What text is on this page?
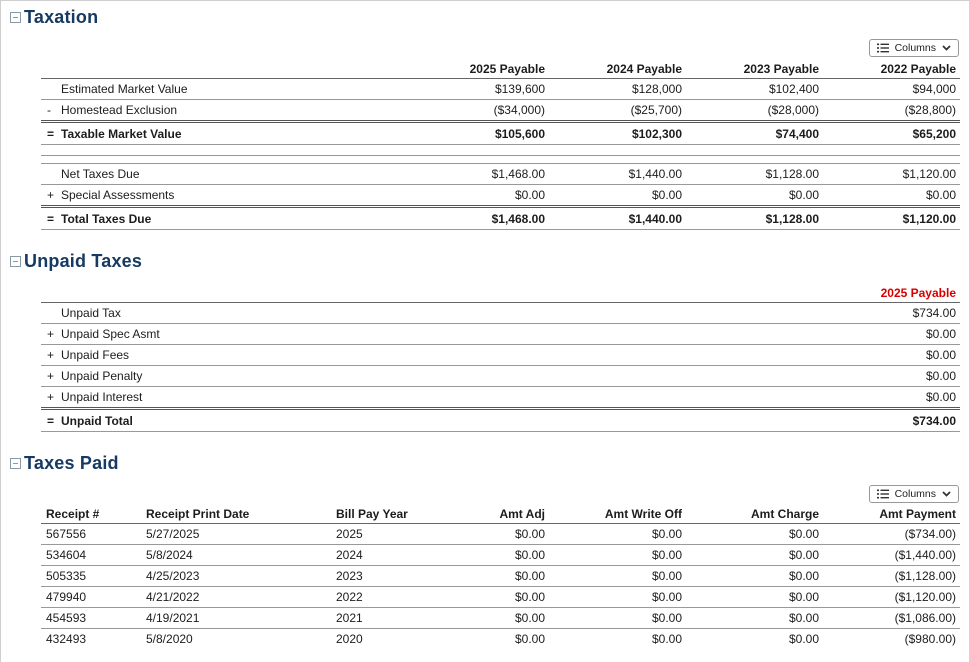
Taxation
Columns
		2025 Payable	2024 Payable	2023 Payable	2022 Payable
	Estimated Market Value	$139,600	$128,000	$102,400	$94,000
-	Homestead Exclusion	($34,000)	($25,700)	($28,000)	($28,800)
=	Taxable Market Value	$105,600	$102,300	$74,400	$65,200

	Net Taxes Due	$1,468.00	$1,440.00	$1,128.00	$1,120.00
+	Special Assessments	$0.00	$0.00	$0.00	$0.00
=	Total Taxes Due	$1,468.00	$1,440.00	$1,128.00	$1,120.00
Unpaid Taxes
		2025 Payable
	Unpaid Tax	$734.00
+	Unpaid Spec Asmt	$0.00
+	Unpaid Fees	$0.00
+	Unpaid Penalty	$0.00
+	Unpaid Interest	$0.00
=	Unpaid Total	$734.00
Taxes Paid
Columns
Receipt #	Receipt Print Date	Bill Pay Year	Amt Adj	Amt Write Off	Amt Charge	Amt Payment
567556	5/27/2025	2025	$0.00	$0.00	$0.00	($734.00)
534604	5/8/2024	2024	$0.00	$0.00	$0.00	($1,440.00)
505335	4/25/2023	2023	$0.00	$0.00	$0.00	($1,128.00)
479940	4/21/2022	2022	$0.00	$0.00	$0.00	($1,120.00)
454593	4/19/2021	2021	$0.00	$0.00	$0.00	($1,086.00)
432493	5/8/2020	2020	$0.00	$0.00	$0.00	($980.00)
